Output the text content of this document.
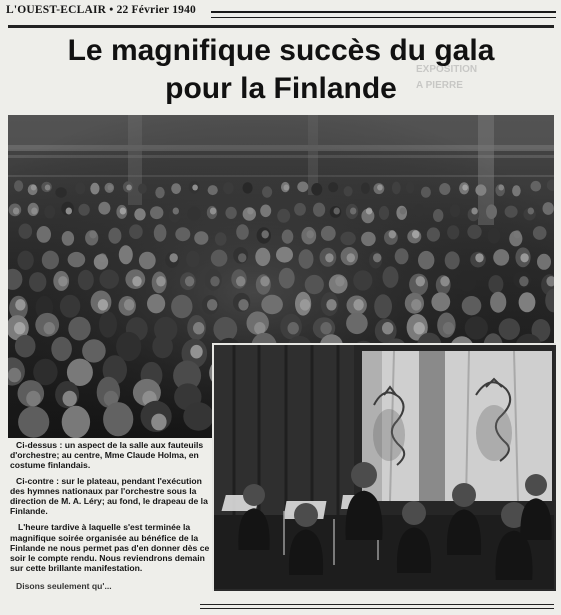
L'OUEST-ECLAIR • 22 Février 1940
EXPOSITION
A PIERRE
Le magnifique succès du gala
pour la Finlande

Ci-dessus : un aspect de la salle aux fauteuils d'orchestre; au centre, Mme Claude Holma, en costume finlandais.

Ci-contre : sur le plateau, pendant l'exécution des hymnes nationaux par l'orchestre sous la direction de M. A. Léry; au fond, le drapeau de la Finlande.

L'heure tardive à laquelle s'est terminée la magnifique soirée organisée au bénéfice de la Finlande ne nous permet pas d'en donner dès ce soir le compte rendu. Nous reviendrons demain sur cette brillante manifestation.

Disons seulement qu'...
